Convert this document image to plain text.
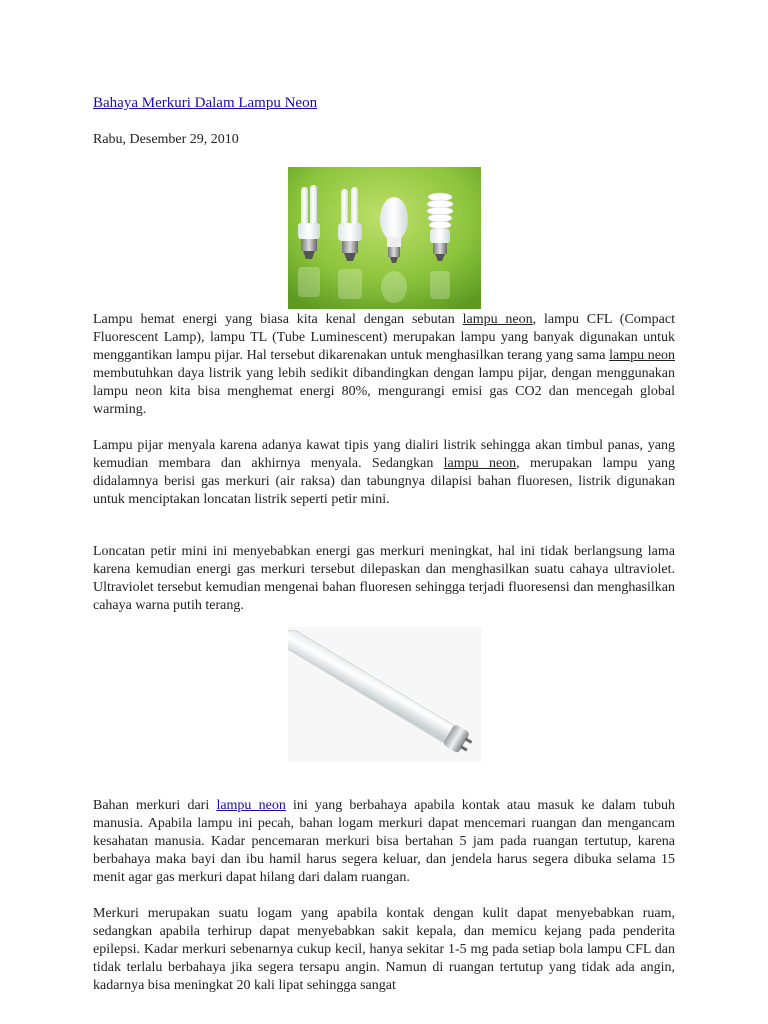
Bahaya Merkuri Dalam Lampu Neon
Rabu, Desember 29, 2010

Lampu hemat energi yang biasa kita kenal dengan sebutan lampu neon, lampu CFL (Compact Fluorescent Lamp), lampu TL (Tube Luminescent) merupakan lampu yang banyak digunakan untuk menggantikan lampu pijar. Hal tersebut dikarenakan untuk menghasilkan terang yang sama lampu neon membutuhkan daya listrik yang lebih sedikit dibandingkan dengan lampu pijar, dengan menggunakan lampu neon kita bisa menghemat energi 80%, mengurangi emisi gas CO2 dan mencegah global warming.

Lampu pijar menyala karena adanya kawat tipis yang dialiri listrik sehingga akan timbul panas, yang kemudian membara dan akhirnya menyala. Sedangkan lampu neon, merupakan lampu yang didalamnya berisi gas merkuri (air raksa) dan tabungnya dilapisi bahan fluoresen, listrik digunakan untuk menciptakan loncatan listrik seperti petir mini.

Loncatan petir mini ini menyebabkan energi gas merkuri meningkat, hal ini tidak berlangsung lama karena kemudian energi gas merkuri tersebut dilepaskan dan menghasilkan suatu cahaya ultraviolet. Ultraviolet tersebut kemudian mengenai bahan fluoresen sehingga terjadi fluoresensi dan menghasilkan cahaya warna putih terang.

Bahan merkuri dari lampu neon ini yang berbahaya apabila kontak atau masuk ke dalam tubuh manusia. Apabila lampu ini pecah, bahan logam merkuri dapat mencemari ruangan dan mengancam kesahatan manusia. Kadar pencemaran merkuri bisa bertahan 5 jam pada ruangan tertutup, karena berbahaya maka bayi dan ibu hamil harus segera keluar, dan jendela harus segera dibuka selama 15 menit agar gas merkuri dapat hilang dari dalam ruangan.

Merkuri merupakan suatu logam yang apabila kontak dengan kulit dapat menyebabkan ruam, sedangkan apabila terhirup dapat menyebabkan sakit kepala, dan memicu kejang pada penderita epilepsi. Kadar merkuri sebenarnya cukup kecil, hanya sekitar 1-5 mg pada setiap bola lampu CFL dan tidak terlalu berbahaya jika segera tersapu angin. Namun di ruangan tertutup yang tidak ada angin, kadarnya bisa meningkat 20 kali lipat sehingga sangat
